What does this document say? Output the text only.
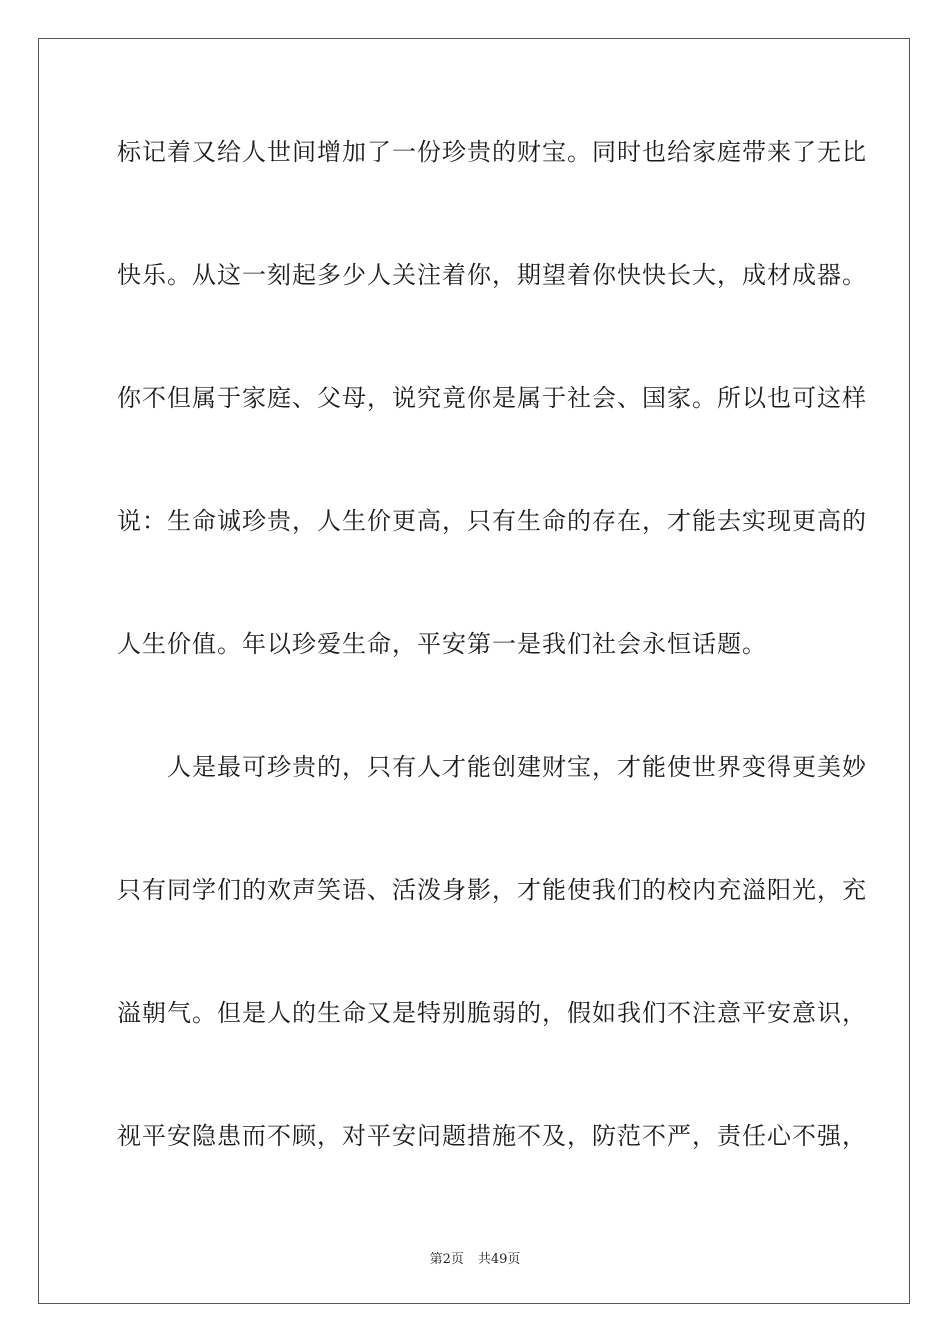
标记着又给人世间增加了一份珍贵的财宝。同时也给家庭带来了无比
快乐。从这一刻起多少人关注着你，期望着你快快长大，成材成器。
你不但属于家庭、父母，说究竟你是属于社会、国家。所以也可这样
说：生命诚珍贵，人生价更高，只有生命的存在，才能去实现更高的
人生价值。年以珍爱生命，平安第一是我们社会永恒话题。
　　人是最可珍贵的，只有人才能创建财宝，才能使世界变得更美妙
只有同学们的欢声笑语、活泼身影，才能使我们的校内充溢阳光，充
溢朝气。但是人的生命又是特别脆弱的，假如我们不注意平安意识，
视平安隐患而不顾，对平安问题措施不及，防范不严，责任心不强，
第2页 共49页
